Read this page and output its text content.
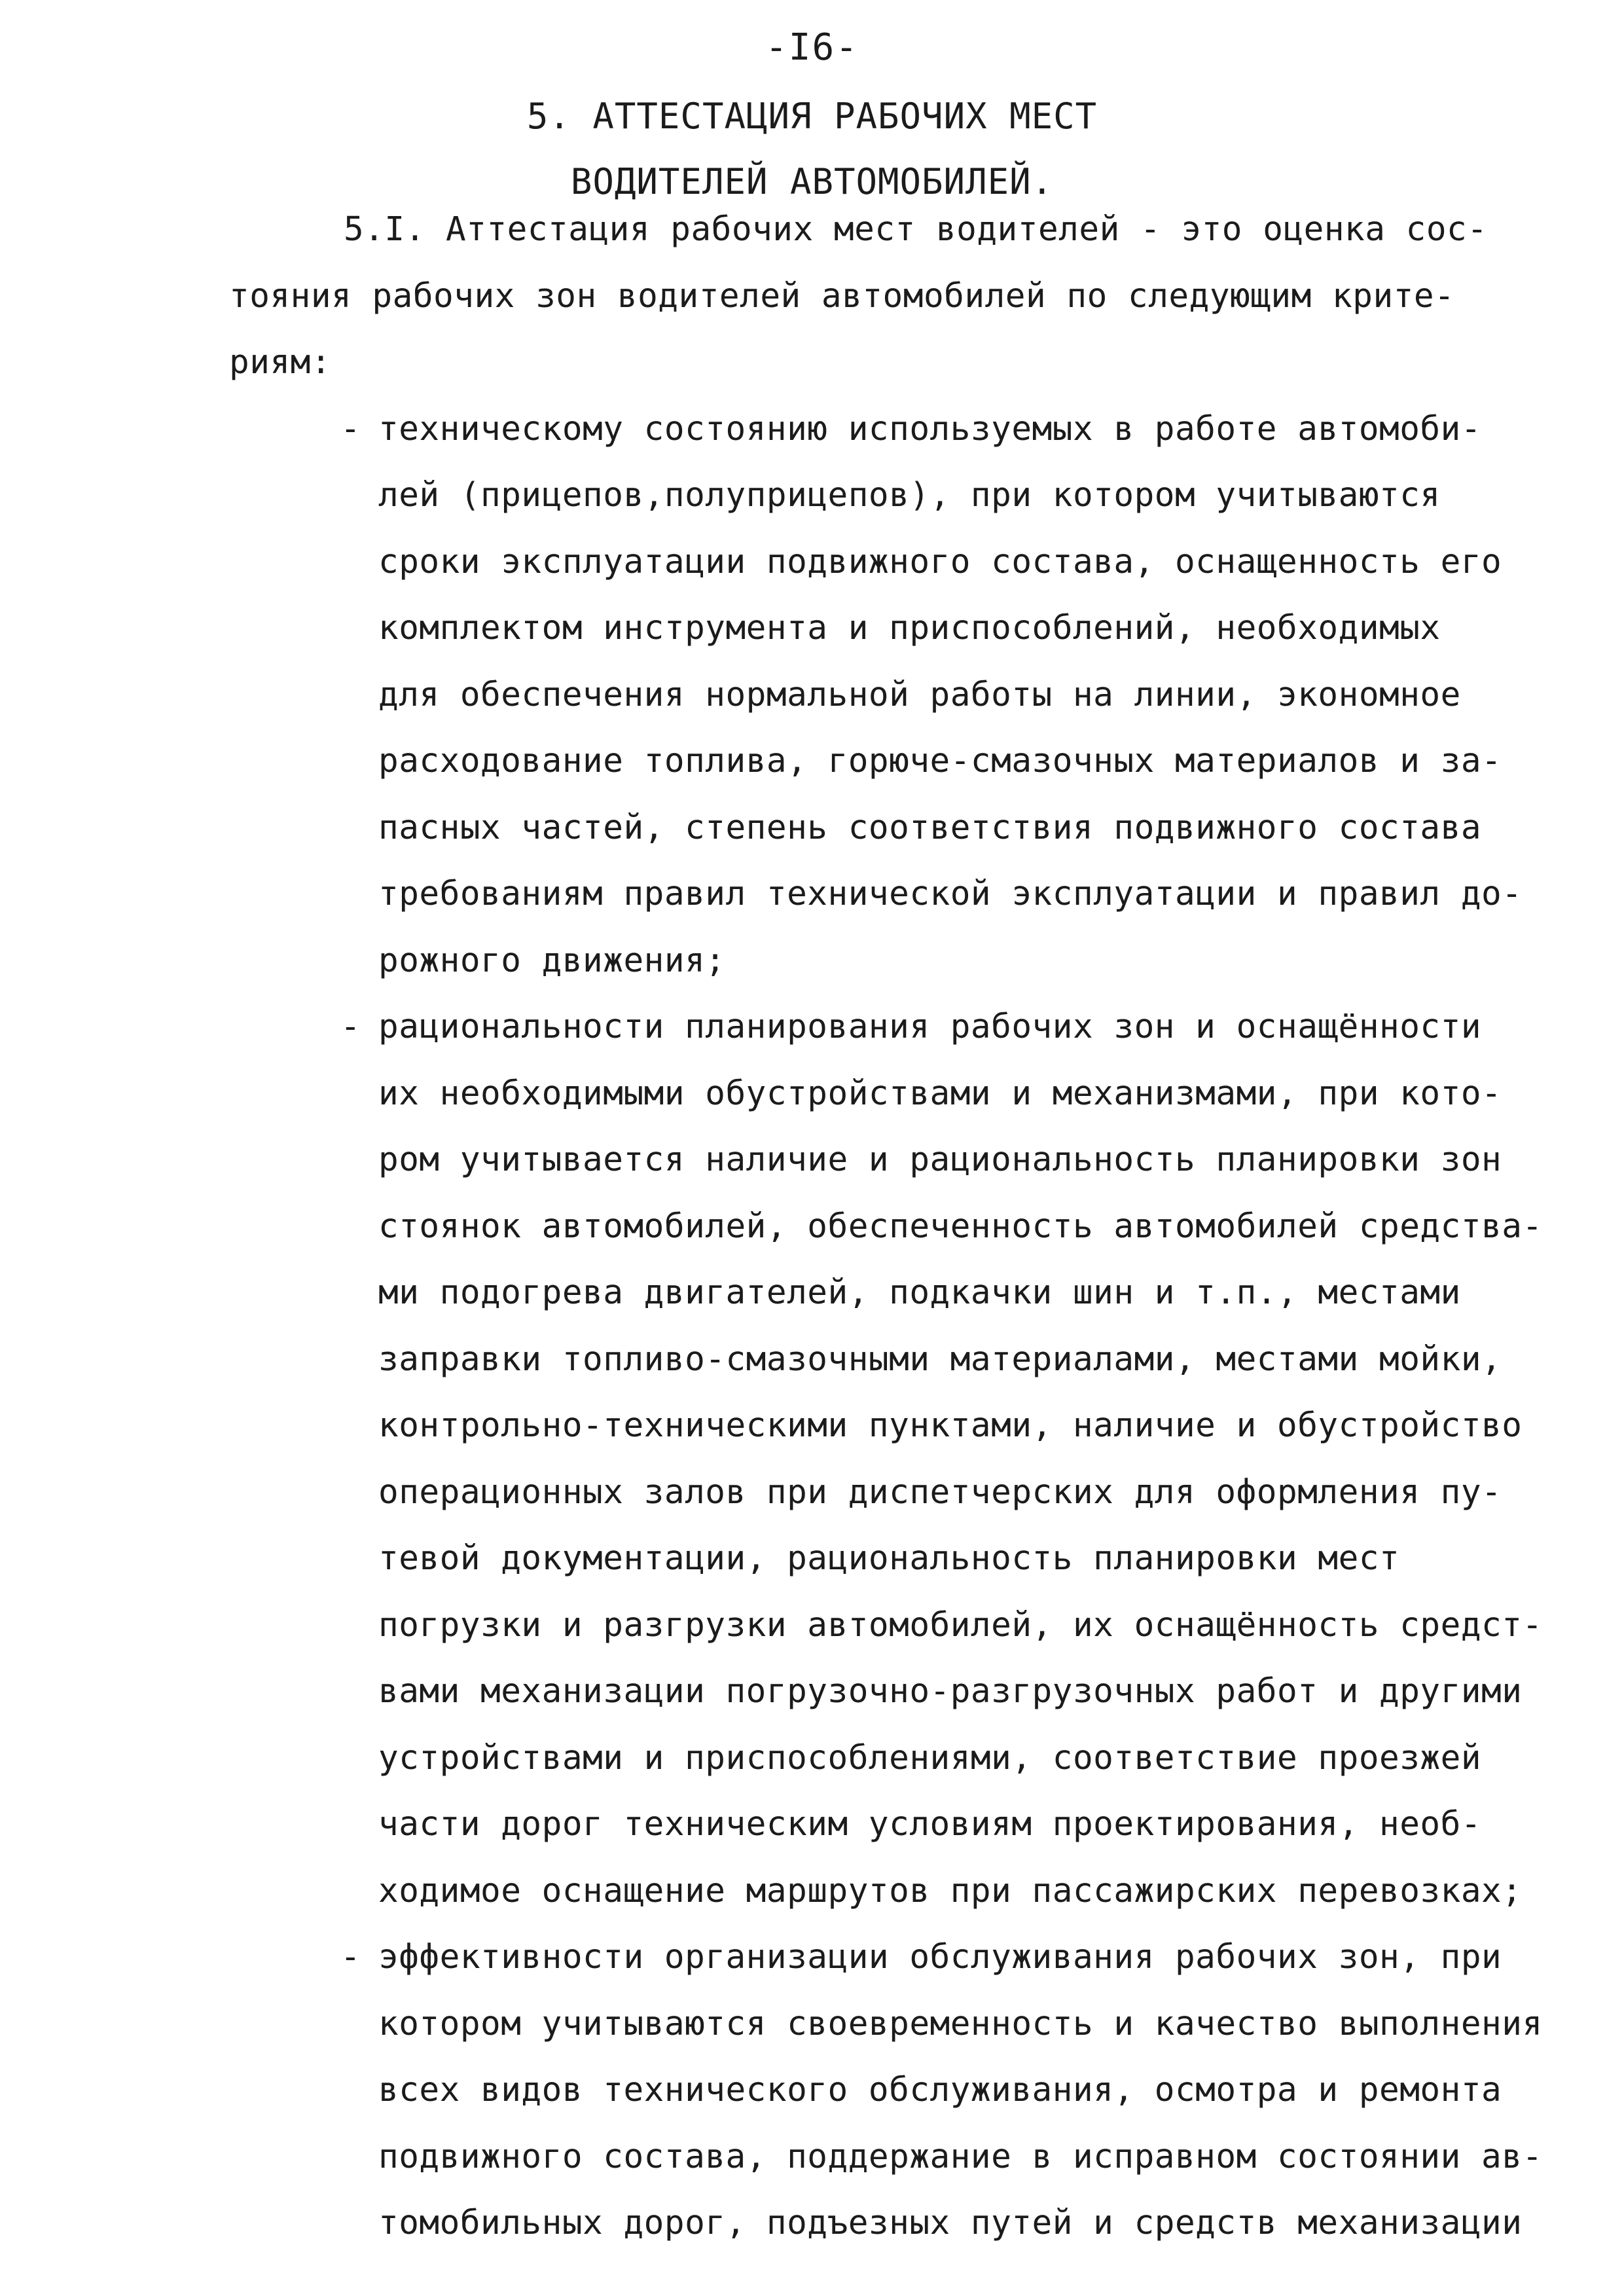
-I6-
5. АТТЕСТАЦИЯ РАБОЧИХ МЕСТ
ВОДИТЕЛЕЙ АВТОМОБИЛЕЙ.
5.I. Аттестация рабочих мест водителей - это оценка сос-
тояния рабочих зон водителей автомобилей по следующим крите-
риям:
- техническому состоянию используемых в работе автомоби-
лей (прицепов,полуприцепов), при котором учитываются
сроки эксплуатации подвижного состава, оснащенность его
комплектом инструмента и приспособлений, необходимых
для обеспечения нормальной работы на линии, экономное
расходование топлива, горюче-смазочных материалов и за-
пасных частей, степень соответствия подвижного состава
требованиям правил технической эксплуатации и правил до-
рожного движения;
- рациональности планирования рабочих зон и оснащённости
их необходимыми обустройствами и механизмами, при кото-
ром учитывается наличие и рациональность планировки зон
стоянок автомобилей, обеспеченность автомобилей средства-
ми подогрева двигателей, подкачки шин и т.п., местами
заправки топливо-смазочными материалами, местами мойки,
контрольно-техническими пунктами, наличие и обустройство
операционных залов при диспетчерских для оформления пу-
тевой документации, рациональность планировки мест
погрузки и разгрузки автомобилей, их оснащённость средст-
вами механизации погрузочно-разгрузочных работ и другими
устройствами и приспособлениями, соответствие проезжей
части дорог техническим условиям проектирования, необ-
ходимое оснащение маршрутов при пассажирских перевозках;
- эффективности организации обслуживания рабочих зон, при
котором учитываются своевременность и качество выполнения
всех видов технического обслуживания, осмотра и ремонта
подвижного состава, поддержание в исправном состоянии ав-
томобильных дорог, подъезных путей и средств механизации
